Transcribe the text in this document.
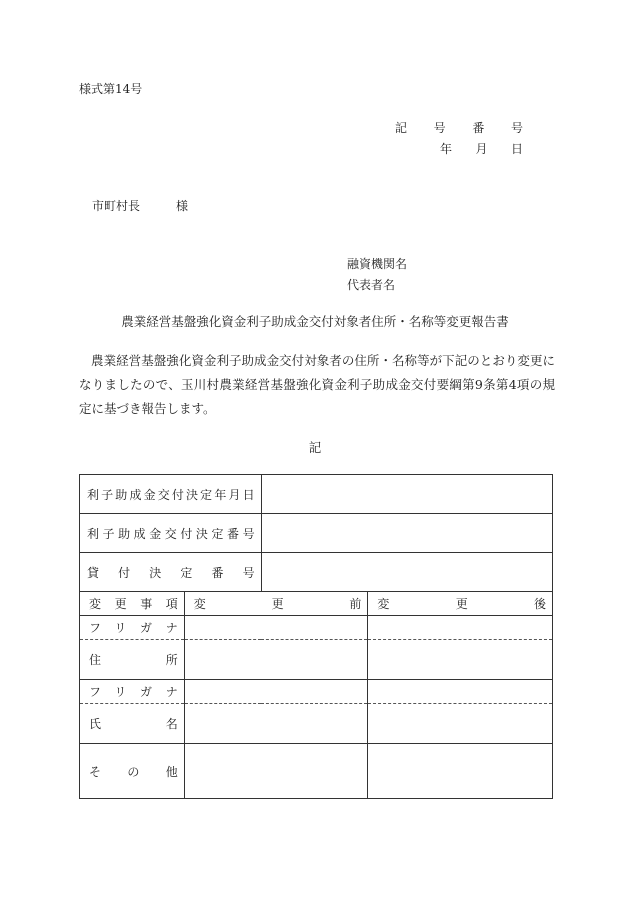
様式第14号
記 号 番 号
年 月 日
市町村長	様
融資機関名
代表者名
農業経営基盤強化資金利子助成金交付対象者住所・名称等変更報告書
農業経営基盤強化資金利子助成金交付対象者の住所・名称等が下記のとおり変更になりましたので、玉川村農業経営基盤強化資金利子助成金交付要綱第9条第4項の規定に基づき報告します。
記
利子助成金交付決定年月日			

利子助成金交付決定番号			

貸付決定番号			

変更事項	変更前		変更後

フリガナ			

住所			

フリガナ			

氏名			

その他			
